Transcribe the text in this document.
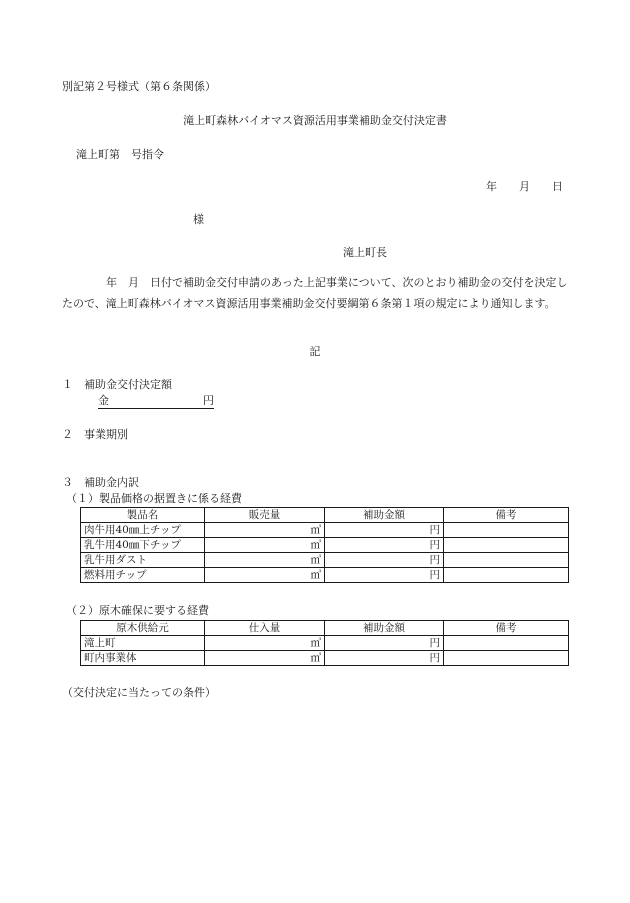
別記第２号様式（第６条関係）
滝上町森林バイオマス資源活用事業補助金交付決定書
滝上町第　号指令
年　　月　　日
様
滝上町長
年　月　日付で補助金交付申請のあった上記事業について、次のとおり補助金の交付を決定したので、滝上町森林バイオマス資源活用事業補助金交付要綱第６条第１項の規定により通知します。
記
１　補助金交付決定額
金	円
２　事業期別
３　補助金内訳
（１）製品価格の据置きに係る経費
製品名	販売量	補助金額	備考
肉牛用40㎜上チップ	㎥	円	
乳牛用40㎜下チップ	㎥	円	
乳牛用ダスト	㎥	円	
燃料用チップ	㎥	円	
（２）原木確保に要する経費
原木供給元	仕入量	補助金額	備考
滝上町	㎥	円	
町内事業体	㎥	円	
（交付決定に当たっての条件）
